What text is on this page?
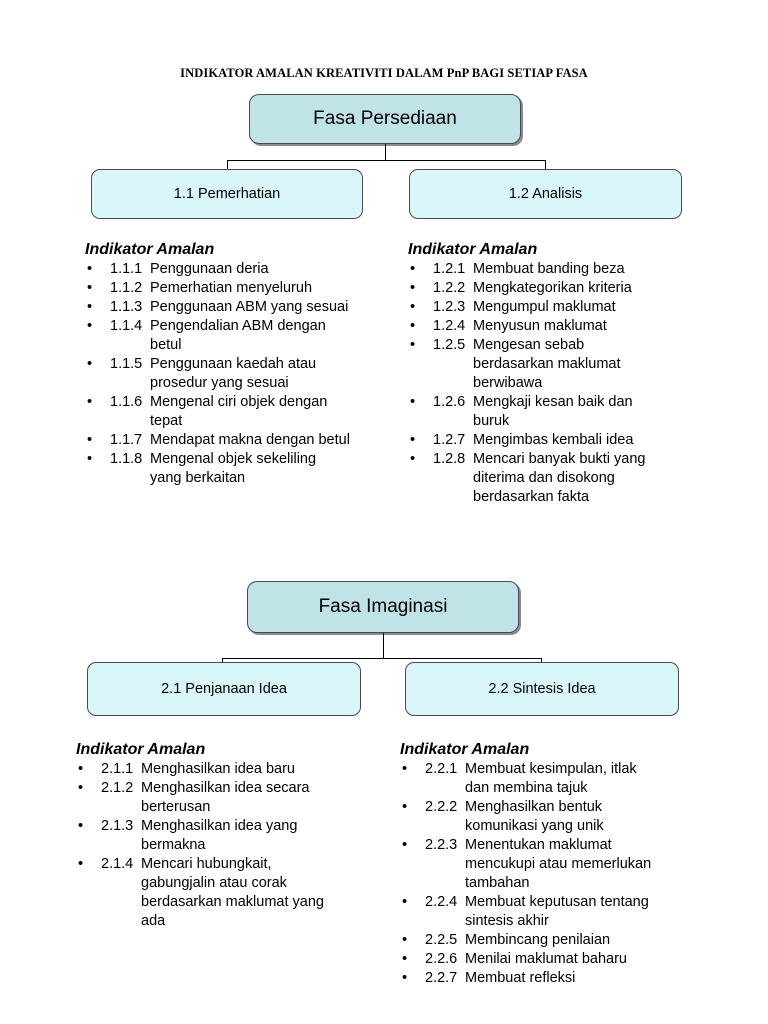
INDIKATOR AMALAN KREATIVITI DALAM PnP BAGI SETIAP FASA
Fasa Persediaan
1.1 Pemerhatian	1.2 Analisis
Indikator Amalan
• 1.1.1 Penggunaan deria
• 1.1.2 Pemerhatian menyeluruh
• 1.1.3 Penggunaan ABM yang sesuai
• 1.1.4 Pengendalian ABM dengan
betul
• 1.1.5 Penggunaan kaedah atau
prosedur yang sesuai
• 1.1.6 Mengenal ciri objek dengan
tepat
• 1.1.7 Mendapat makna dengan betul
• 1.1.8 Mengenal objek sekeliling
yang berkaitan
Indikator Amalan
• 1.2.1 Membuat banding beza
• 1.2.2 Mengkategorikan kriteria
• 1.2.3 Mengumpul maklumat
• 1.2.4 Menyusun maklumat
• 1.2.5 Mengesan sebab
berdasarkan maklumat
berwibawa
• 1.2.6 Mengkaji kesan baik dan
buruk
• 1.2.7 Mengimbas kembali idea
• 1.2.8 Mencari banyak bukti yang
diterima dan disokong
berdasarkan fakta
Fasa Imaginasi
2.1 Penjanaan Idea	2.2 Sintesis Idea
Indikator Amalan
• 2.1.1 Menghasilkan idea baru
• 2.1.2 Menghasilkan idea secara
berterusan
• 2.1.3 Menghasilkan idea yang
bermakna
• 2.1.4 Mencari hubungkait,
gabungjalin atau corak
berdasarkan maklumat yang
ada
Indikator Amalan
• 2.2.1 Membuat kesimpulan, itlak
dan membina tajuk
• 2.2.2 Menghasilkan bentuk
komunikasi yang unik
• 2.2.3 Menentukan maklumat
mencukupi atau memerlukan
tambahan
• 2.2.4 Membuat keputusan tentang
sintesis akhir
• 2.2.5 Membincang penilaian
• 2.2.6 Menilai maklumat baharu
• 2.2.7 Membuat refleksi
